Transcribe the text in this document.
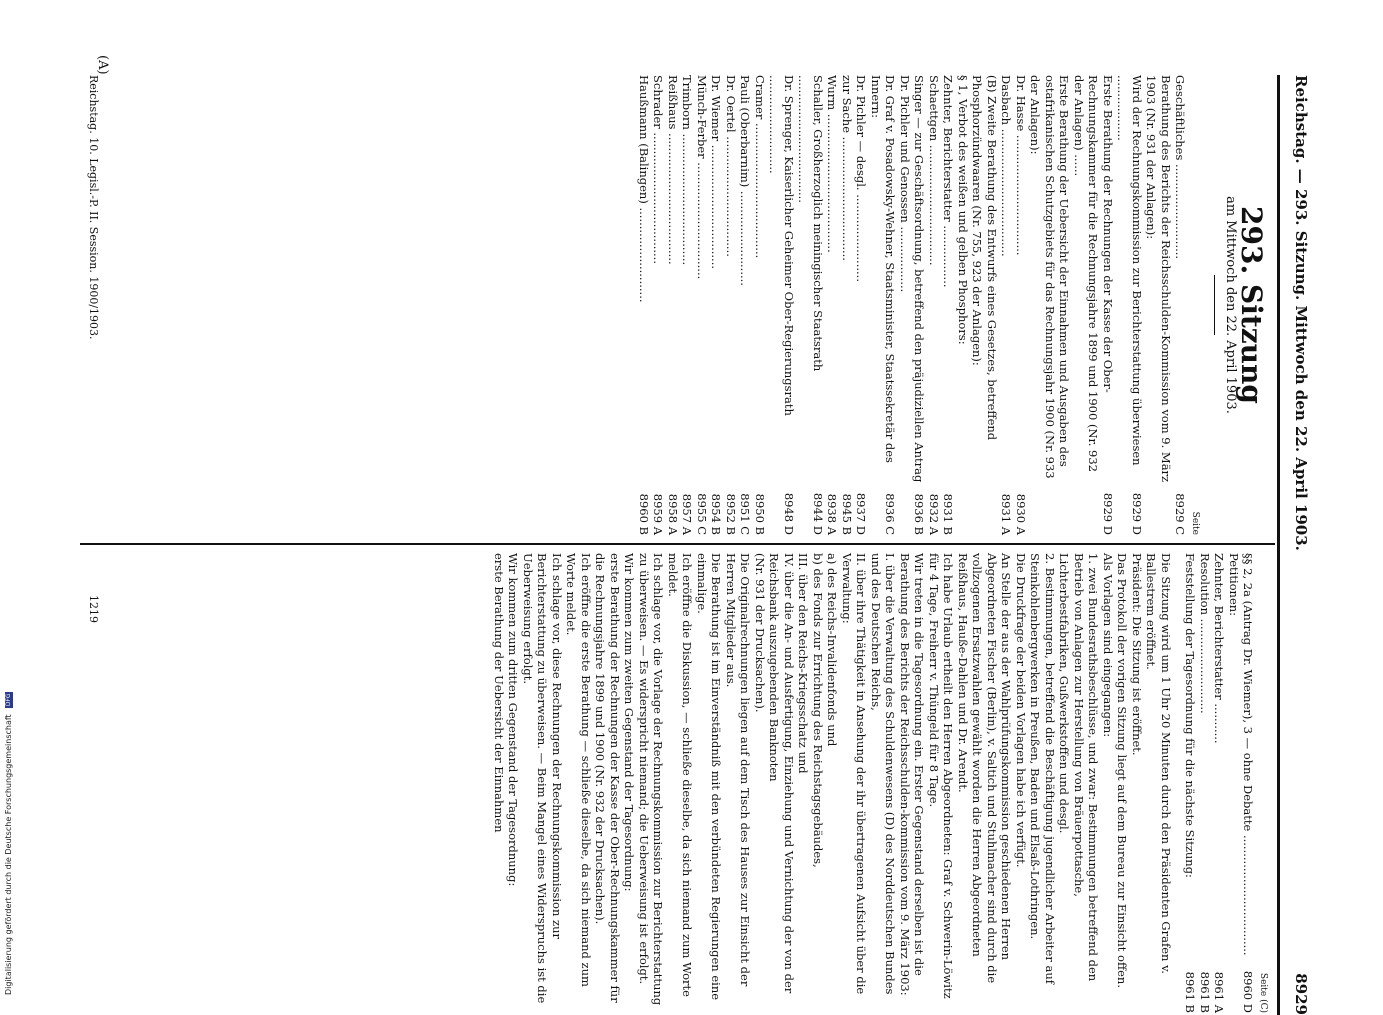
Reichstag. — 293. Sitzung. Mittwoch den 22. April 1903.
8929
(A)
293. Sitzung
am Mittwoch den 22. April 1903.
Seite
Geschäftliches ..........................
8929 C
Berathung des Berichts der Reichsschulden-Kommission vom 9. März 1903 (Nr. 931 der Anlagen):
Wird der Rechnungskommission zur Berichterstattung überwiesen ..................
8929 D
Erste Berathung der Rechnungen der Kasse der Ober-Rechnungskammer für die Rechnungsjahre 1899 und 1900 (Nr. 932 der Anlagen) ......
8929 D
Erste Berathung der Uebersicht der Einnahmen und Ausgaben des ostafrikanischen Schutzgebiets für das Rechnungsjahr 1900 (Nr. 933 der Anlagen):
Dr. Hasse .................................
8930 A
Dasbach ...................................
8931 A
(B) Zweite Berathung des Entwurfs eines Gesetzes, betreffend Phosphorzündwaaren (Nr. 755, 923 der Anlagen):
§ 1, Verbot des weißen und gelben Phosphors:
Zehnter, Berichterstatter .................
8931 B
Schaettgen .................................
8932 A
Singer — zur Geschäftsordnung, betreffend den präjudiziellen Antrag Dr. Pichler und Genossen ..................
8936 B
Dr. Graf v. Posadowsky-Wehner, Staatsminister, Staatssekretär des Innern:
8936 C
Dr. Pichler — desgl. ........................
8937 D
zur Sache ..................................
8945 B
Wurm ......................................
8938 A
Schaller, Großherzoglich meiningischer Staatsrath ...................................
8944 D
Dr. Sprenger, Kaiserlicher Geheimer Ober-Regierungsrath ...........................
8948 D
Cramer .....................................
8950 B
Pauli (Oberbarnim) ..........................
8951 C
Dr. Oertel .................................
8952 B
Dr. Wiemer ..................................
8954 B
Münch-Ferber ................................
8955 C
Trimborn ....................................
8957 A
Reißhaus ....................................
8958 A
Schrader ....................................
8959 A
Haußmann (Balingen) ..........................
8960 B
Seite (C)
§§ 2, 2a (Antrag Dr. Wiemer), 3 — ohne Debatte .................................
8960 D
Petitionen:
Zehnter, Berichterstatter ...........
8961 A
Resolution ..........................
8961 B
Feststellung der Tagesordnung für die nächste Sitzung:
8961 B

Die Sitzung wird um 1 Uhr 20 Minuten durch den Präsidenten Grafen v. Ballestrem eröffnet.

Präsident: Die Sitzung ist eröffnet.

Das Protokoll der vorigen Sitzung liegt auf dem Bureau zur Einsicht offen.

Als Vorlagen sind eingegangen:

1. zwei Bundesrathsbeschlüsse, und zwar: Bestimmungen betreffend den Betrieb von Anlagen zur Herstellung von Bräuerpottasche, Lichterbestfabriken, Gußwerkstoffen und desgl.

2. Bestimmungen, betreffend die Beschäftigung jugendlicher Arbeiter auf Steinkohlenbergwerken in Preußen, Baden und Elsaß-Lothringen.

Die Druckfrage der beiden Vorlagen habe ich verfügt.

An Stelle der aus der Wahlprüfungskommission geschiedenen Herren Abgeordneten Fischer (Berlin), v. Saltich und Stuhlmacher sind durch die vollzogenen Ersatzwahlen gewählt worden die Herren Abgeordneten Reißhaus, Hauße-Dahlen und Dr. Arendt.

Ich habe Urlaub ertheilt den Herren Abgeordneten: Graf v. Schwerin-Löwitz für 4 Tage, Freiherr v. Thüngeld für 8 Tage.

Wir treten in die Tagesordnung ein. Erster Gegenstand derselben ist die

Berathung des Berichts der Reichsschulden-kommission vom 9. März 1903:

I. über die Verwaltung des Schuldenwesens (D) des Norddeutschen Bundes und des Deutschen Reichs,

II. über ihre Thätigkeit in Ansehung der ihr übertragenen Aufsicht über die Verwaltung:

a) des Reichs-Invalidenfonds und

b) des Fonds zur Errichtung des Reichstagsgebäudes,

III. über den Reichs-Kriegsschatz und

IV. über die An- und Ausfertigung, Einziehung und Vernichtung der von der Reichsbank auszugebenden Banknoten

(Nr. 931 der Drucksachen).

Die Originalrechnungen liegen auf dem Tisch des Hauses zur Einsicht der Herren Mitglieder aus.

Die Berathung ist im Einverständniß mit den verbündeten Regierungen eine einmalige.

Ich eröffne die Diskussion, — schließe dieselbe, da sich niemand zum Worte meldet.

Ich schlage vor, die Vorlage der Rechnungskommission zur Berichterstattung zu überweisen. — Es widerspricht niemand; die Ueberweisung ist erfolgt.

Wir kommen zum zweiten Gegenstand der Tagesordnung:

erste Berathung der Rechnungen der Kasse der Ober-Rechnungskammer für die Rechnungsjahre 1899 und 1900 (Nr. 932 der Drucksachen).

Ich eröffne die erste Berathung — schließe dieselbe, da sich niemand zum Worte meldet.

Ich schlage vor, diese Rechnungen der Rechnungskommission zur Berichterstattung zu überweisen. — Beim Mangel eines Widerspruchs ist die Ueberweisung erfolgt.

Wir kommen zum dritten Gegenstand der Tagesordnung:

erste Berathung der Uebersicht der Einnahmen

Reichstag. 10. Legisl.-P. II. Session. 1900/1903.
1219
Digitalisierung gefördert durch die Deutsche Forschungsgemeinschaft DFG
